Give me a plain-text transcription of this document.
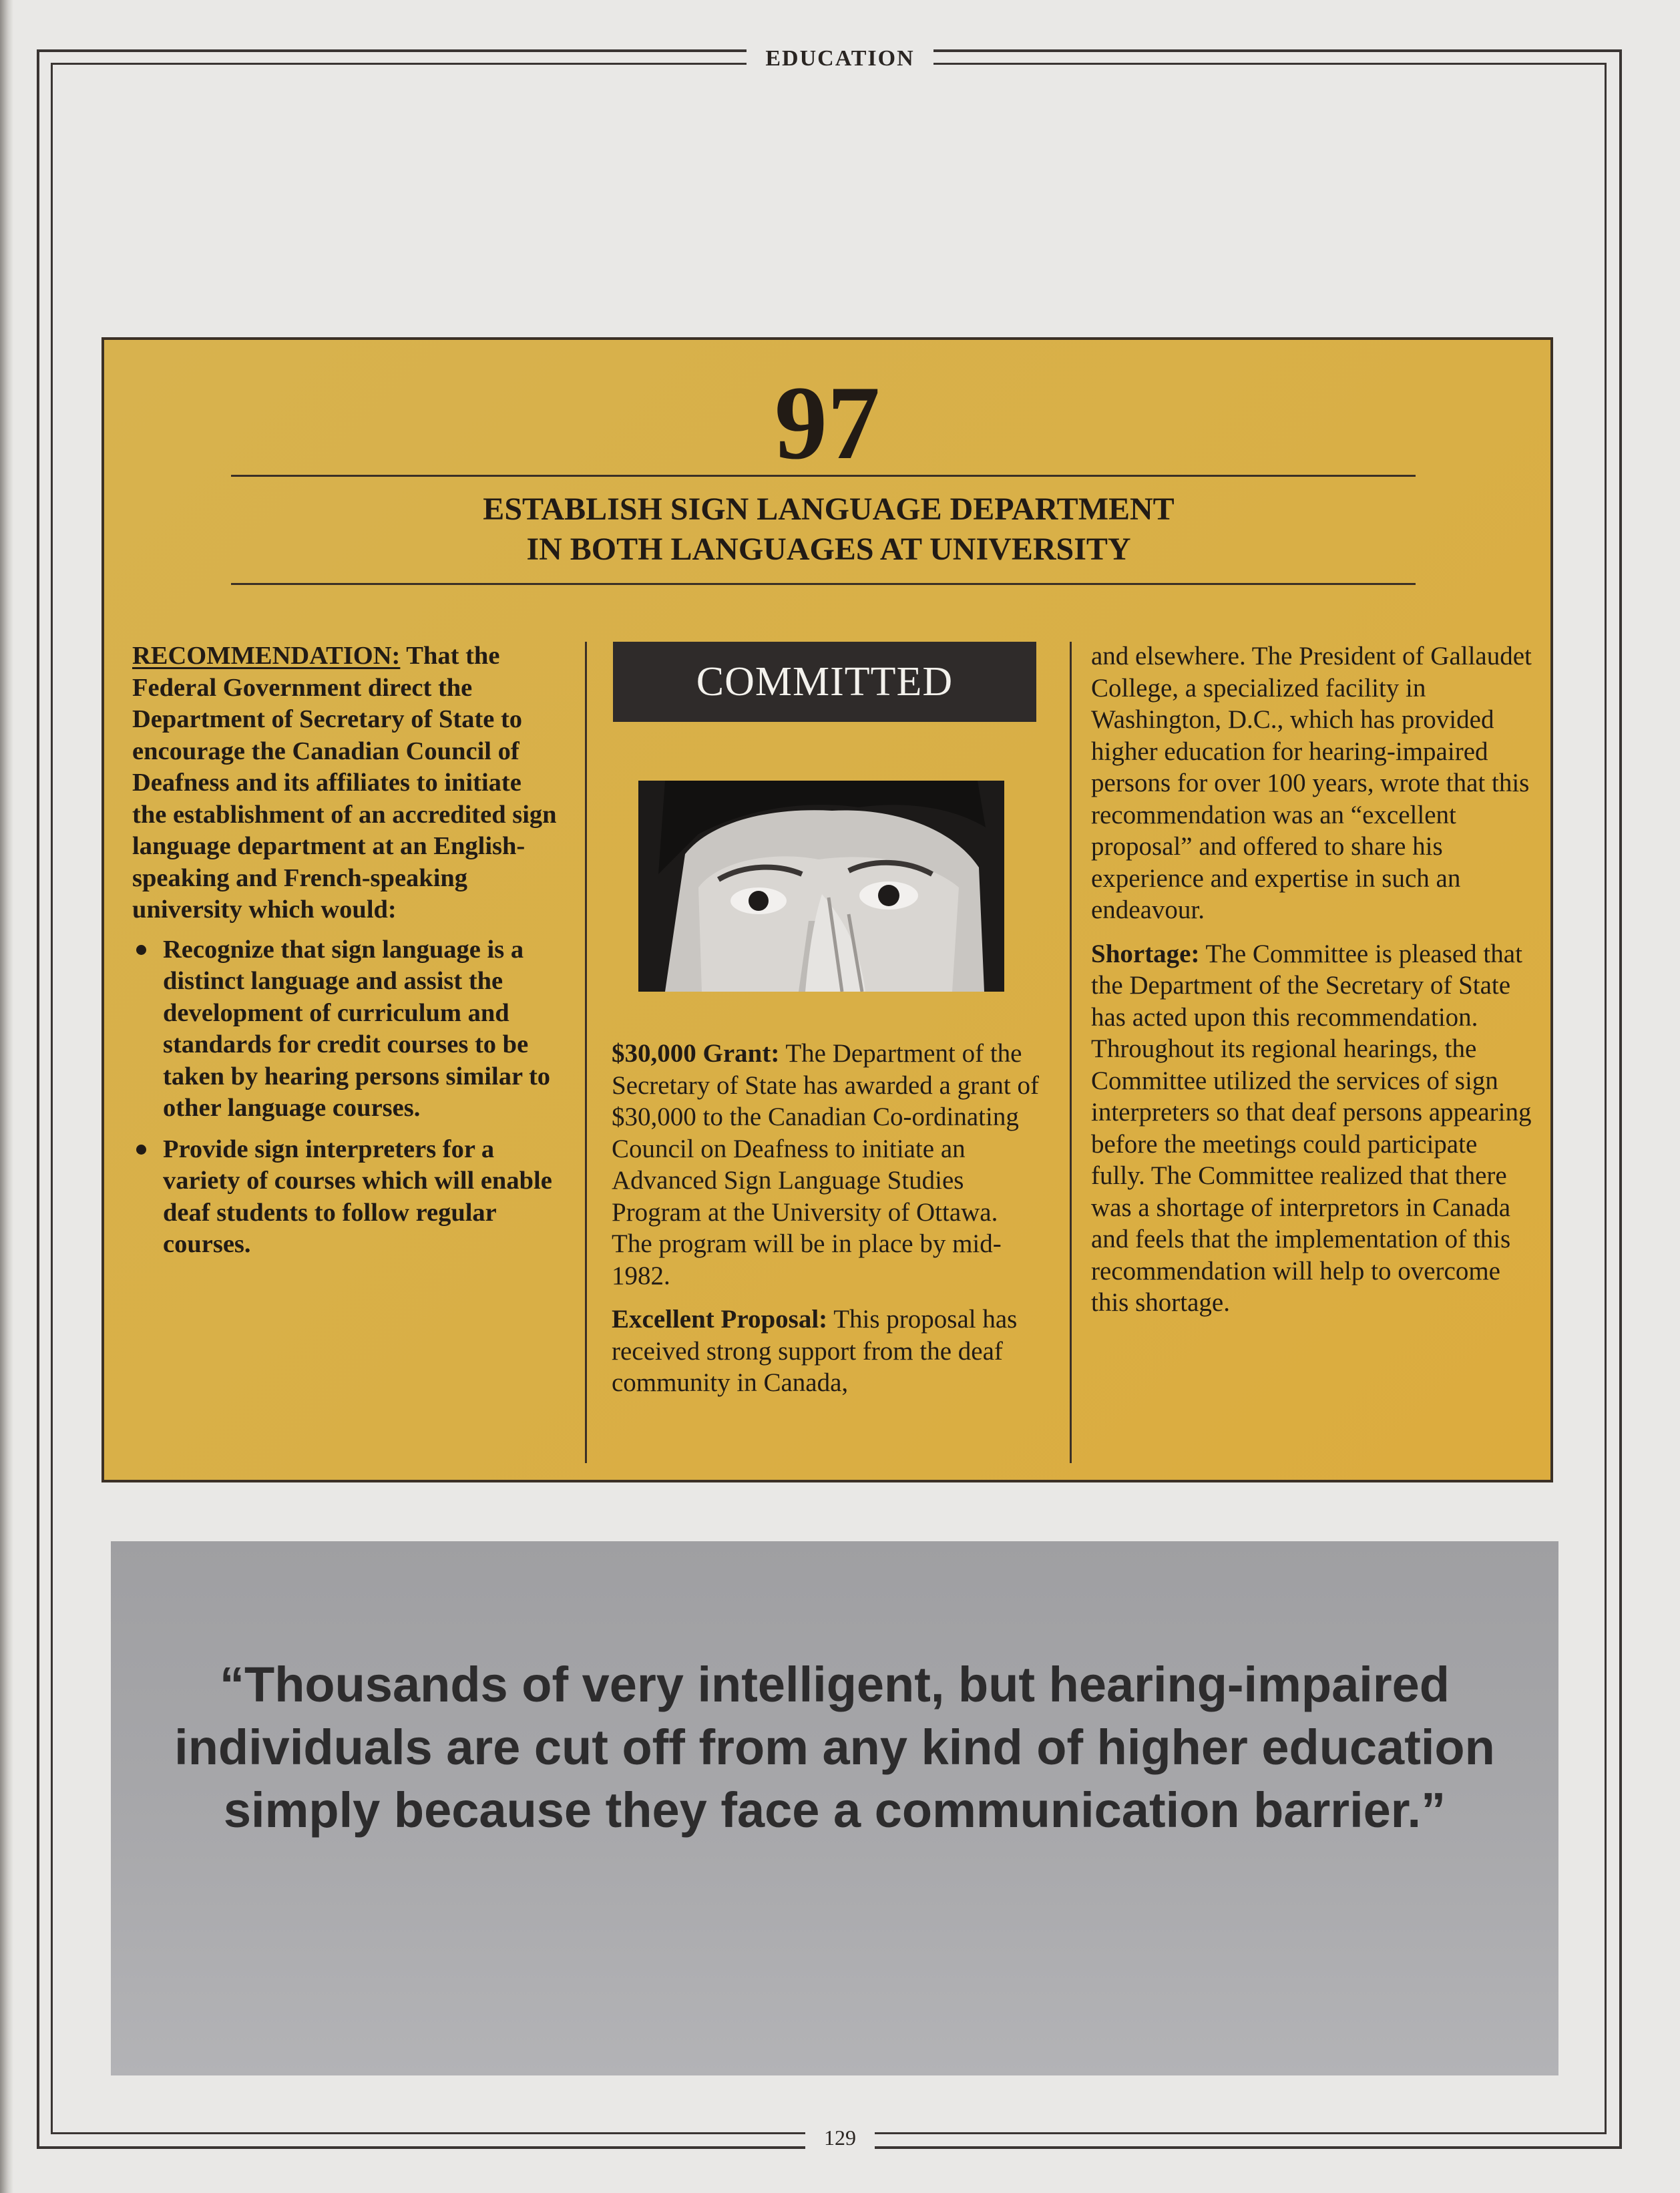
EDUCATION
97
ESTABLISH SIGN LANGUAGE DEPARTMENT
IN BOTH LANGUAGES AT UNIVERSITY
RECOMMENDATION: That the Federal Government direct the Department of Secretary of State to encourage the Canadian Council of Deafness and its affiliates to initiate the establishment of an accredited sign language department at an English-speaking and French-speaking university which would:
Recognize that sign language is a distinct language and assist the development of curriculum and standards for credit courses to be taken by hearing persons similar to other language courses.
Provide sign interpreters for a variety of courses which will enable deaf students to follow regular courses.
COMMITTED

$30,000 Grant: The Department of the Secretary of State has awarded a grant of $30,000 to the Canadian Co-ordinating Council on Deafness to initiate an Advanced Sign Language Studies Program at the University of Ottawa. The program will be in place by mid-1982.

Excellent Proposal: This proposal has received strong support from the deaf community in Canada,

and elsewhere. The President of Gallaudet College, a specialized facility in Washington, D.C., which has provided higher education for hearing-impaired persons for over 100 years, wrote that this recommendation was an “excellent proposal” and offered to share his experience and expertise in such an endeavour.

Shortage: The Committee is pleased that the Department of the Secretary of State has acted upon this recommendation. Throughout its regional hearings, the Committee utilized the services of sign interpreters so that deaf persons appearing before the meetings could participate fully. The Committee realized that there was a shortage of interpretors in Canada and feels that the implementation of this recommendation will help to overcome this shortage.

“Thousands of very intelligent, but hearing-impaired individuals are cut off from any kind of higher education simply because they face a communication barrier.”
129
